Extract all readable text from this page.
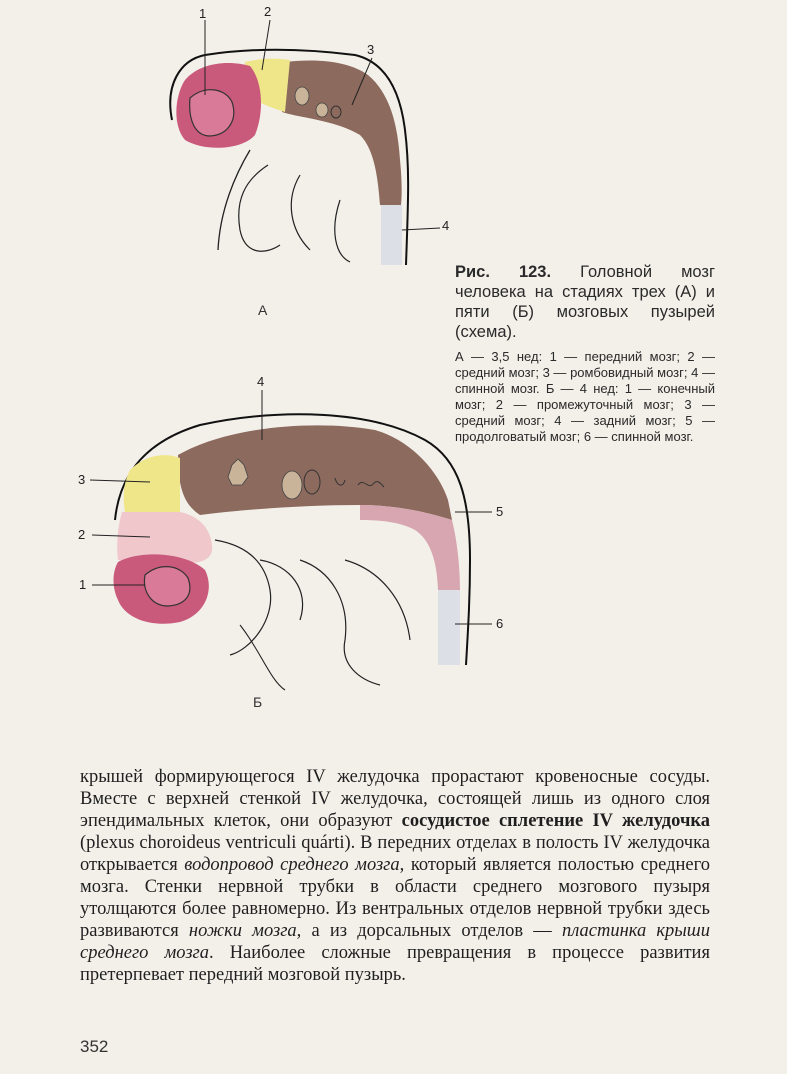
1	2
3
4
А
4
3
2
1
5
6
Б
Рис. 123. Головной мозг человека на стадиях трех (А) и пяти (Б) мозговых пузырей (схема).
А — 3,5 нед: 1 — передний мозг; 2 — средний мозг; 3 — ромбовидный мозг; 4 — спинной мозг. Б — 4 нед: 1 — конечный мозг; 2 — промежуточный мозг; 3 — средний мозг; 4 — задний мозг; 5 — продолговатый мозг; 6 — спинной мозг.
крышей формирующегося IV желудочка прорастают кровеносные сосуды. Вместе с верхней стенкой IV желудочка, состоящей лишь из одного слоя эпендимальных клеток, они образуют сосудистое сплетение IV желудочка (plexus choroideus ventriculi quárti). В передних отделах в полость IV желудочка открывается водопровод среднего мозга, который является полостью среднего мозга. Стенки нервной трубки в области среднего мозгового пузыря утолщаются более равномерно. Из вентральных отделов нервной трубки здесь развиваются ножки мозга, а из дорсальных отделов — пластинка крыши среднего мозга. Наиболее сложные превращения в процессе развития претерпевает передний мозговой пузырь.
352
